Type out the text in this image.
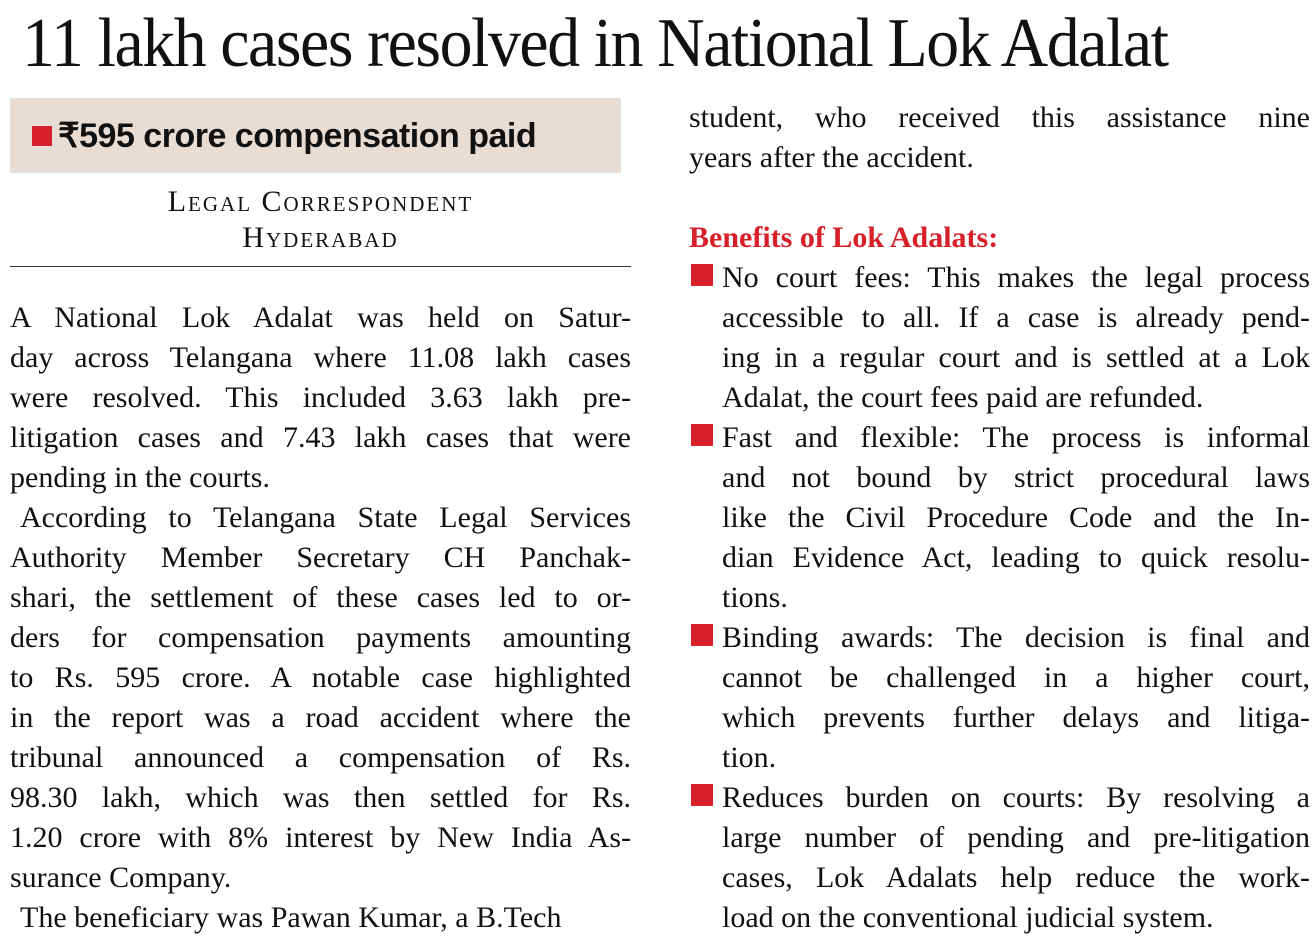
11 lakh cases resolved in National Lok Adalat
₹595 crore compensation paid
Legal Correspondent
Hyderabad
A National Lok Adalat was held on Satur-
day across Telangana where 11.08 lakh cases
were resolved. This included 3.63 lakh pre-
litigation cases and 7.43 lakh cases that were
pending in the courts.
According to Telangana State Legal Services
Authority Member Secretary CH Panchak-
shari, the settlement of these cases led to or-
ders for compensation payments amounting
to Rs. 595 crore. A notable case highlighted
in the report was a road accident where the
tribunal announced a compensation of Rs.
98.30 lakh, which was then settled for Rs.
1.20 crore with 8% interest by New India As-
surance Company.
The beneficiary was Pawan Kumar, a B.Tech
student, who received this assistance nine
years after the accident.
Benefits of Lok Adalats:
No court fees: This makes the legal process
accessible to all. If a case is already pend-
ing in a regular court and is settled at a Lok
Adalat, the court fees paid are refunded.
Fast and flexible: The process is informal
and not bound by strict procedural laws
like the Civil Procedure Code and the In-
dian Evidence Act, leading to quick resolu-
tions.
Binding awards: The decision is final and
cannot be challenged in a higher court,
which prevents further delays and litiga-
tion.
Reduces burden on courts: By resolving a
large number of pending and pre-litigation
cases, Lok Adalats help reduce the work-
load on the conventional judicial system.
